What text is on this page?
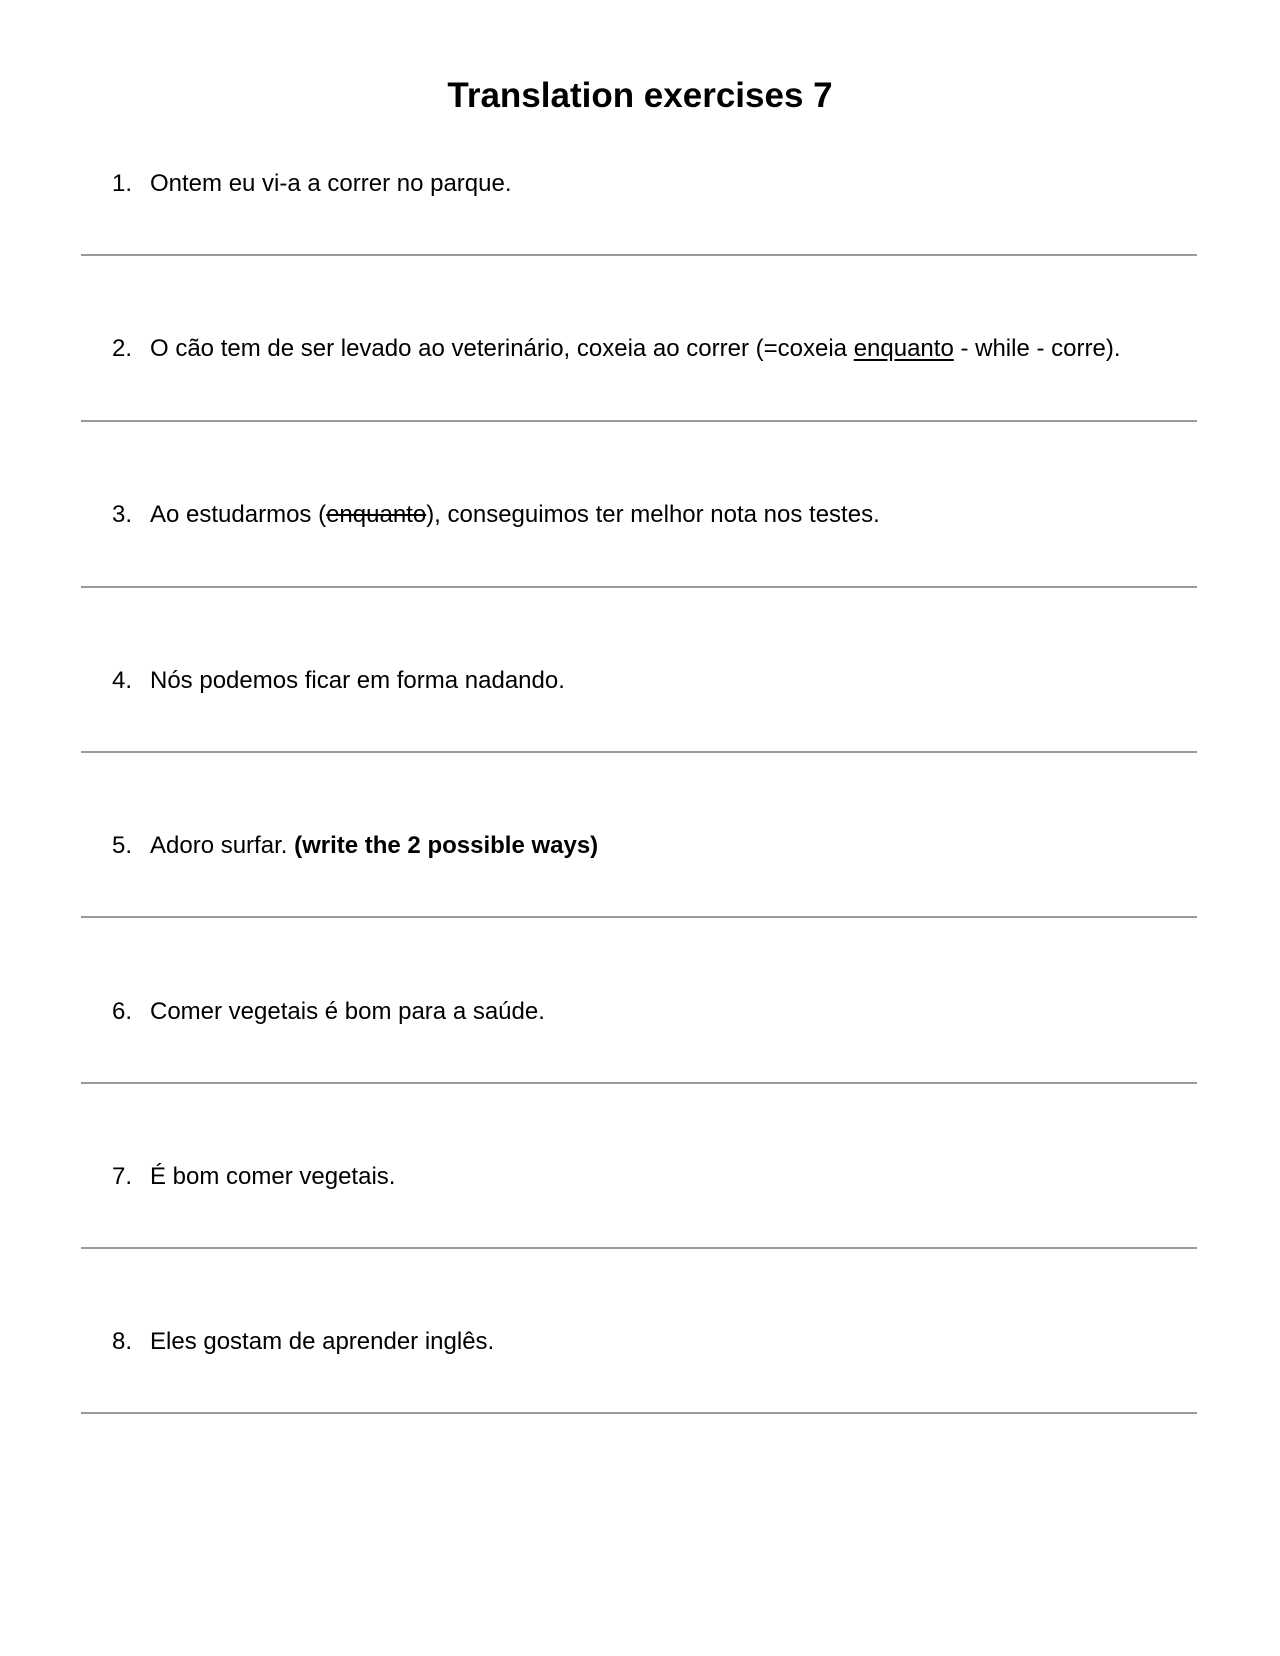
Translation exercises 7
1. Ontem eu vi-a a correr no parque.
2. O cão tem de ser levado ao veterinário, coxeia ao correr (=coxeia enquanto - while - corre).
3. Ao estudarmos (enquanto), conseguimos ter melhor nota nos testes.
4. Nós podemos ficar em forma nadando.
5. Adoro surfar. (write the 2 possible ways)
6. Comer vegetais é bom para a saúde.
7. É bom comer vegetais.
8. Eles gostam de aprender inglês.
